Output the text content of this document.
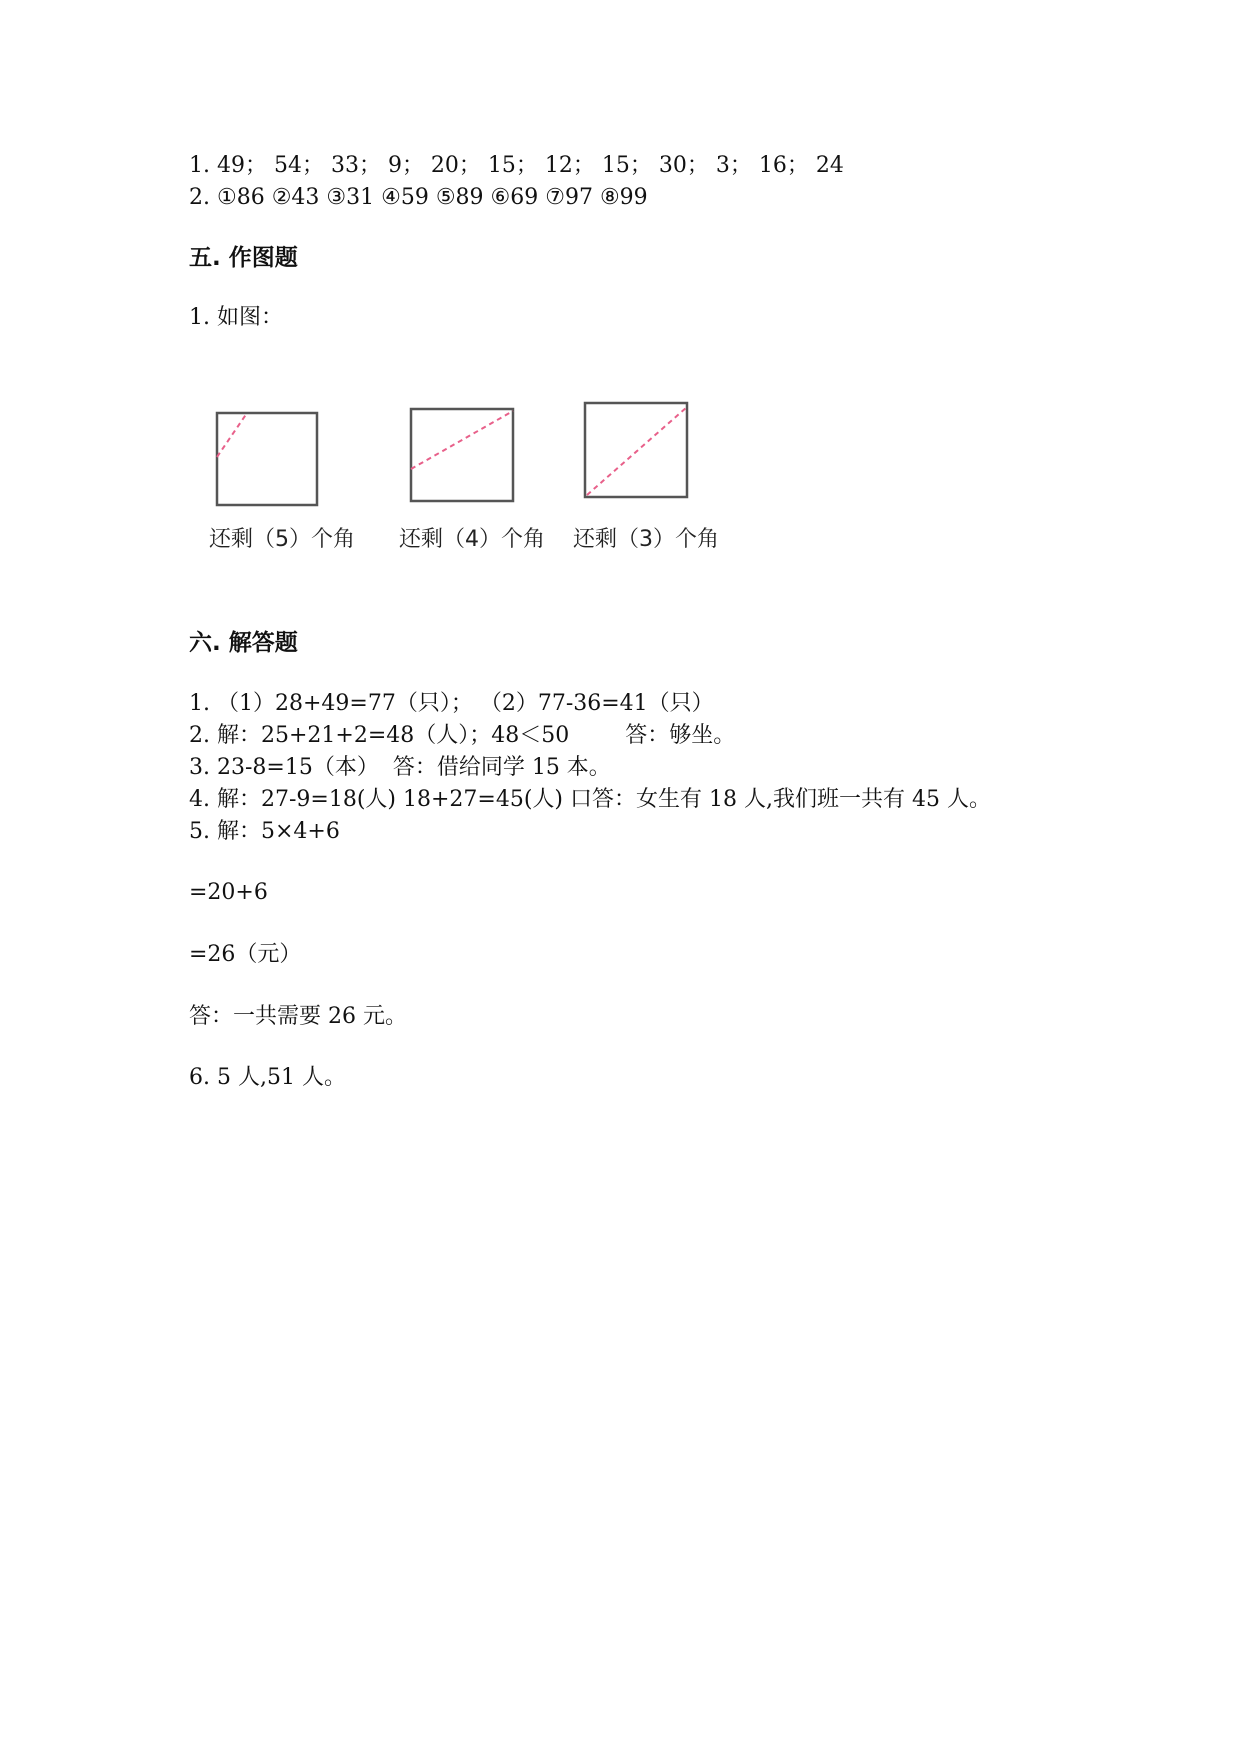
1. 49； 54； 33； 9； 20； 15； 12； 15； 30； 3； 16； 24
2. ①86 ②43 ③31 ④59 ⑤89 ⑥69 ⑦97 ⑧99
五. 作图题
1. 如图：
还剩（5）个角 还剩（4）个角 还剩（3）个角
六. 解答题
1. （1）28+49=77（只）； （2）77-36=41（只）
2. 解：25+21+2=48（人）；48＜50        答：够坐。
3. 23-8=15（本）  答：借给同学 15 本。
4. 解：27-9=18(人) 18+27=45(人) 口答：女生有 18 人,我们班一共有 45 人。
5. 解：5×4+6
=20+6
=26（元）
答：一共需要 26 元。
6. 5 人,51 人。
